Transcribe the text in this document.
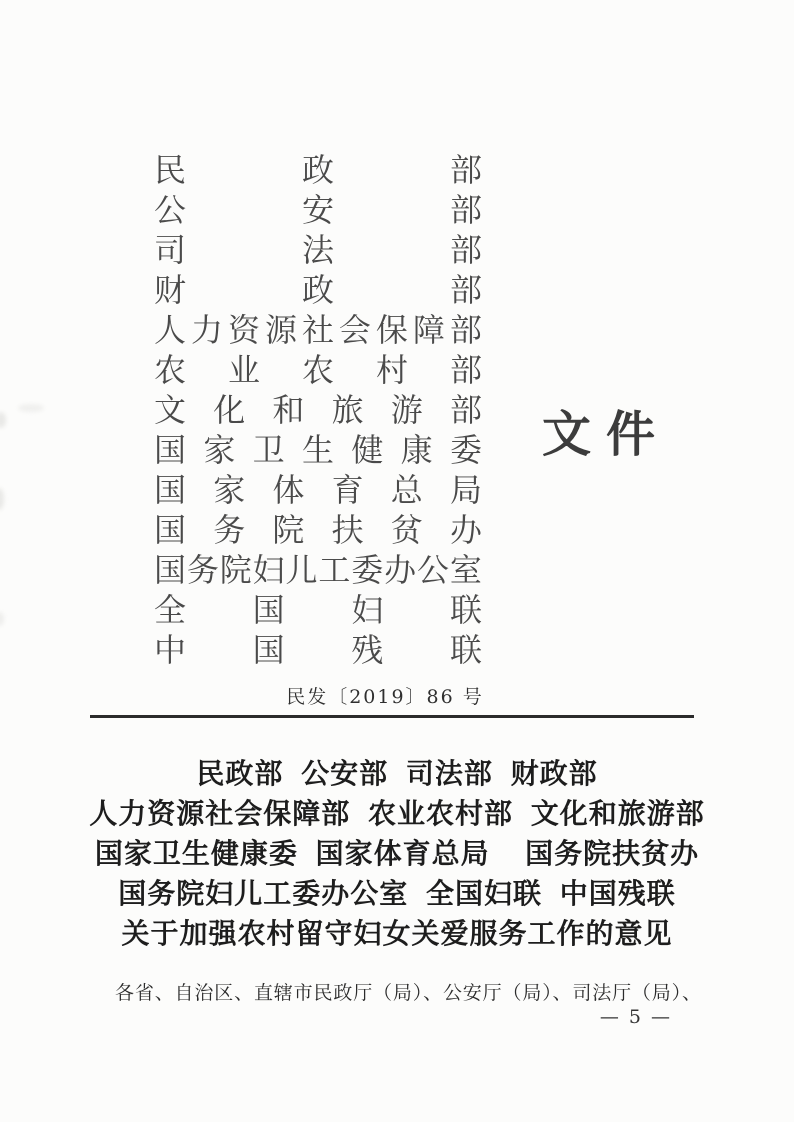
民	政	部
公	安	部
司	法	部
财	政	部
人 力 资 源 社 会 保 障 部
农 业 农 村 部
文 化 和 旅 游 部
国 家 卫 生 健 康 委
国 家 体 育 总 局
国 务 院 扶 贫 办
国 务 院 妇 儿 工 委 办 公 室
全 国 妇 联
中 国 残 联
文件
民发〔2019〕86 号
民政部 公安部 司法部 财政部
人力资源社会保障部 农业农村部 文化和旅游部
国家卫生健康委 国家体育总局  国务院扶贫办
国务院妇儿工委办公室 全国妇联 中国残联
关于加强农村留守妇女关爱服务工作的意见
各省、自治区、直辖市民政厅（局）、公安厅（局）、司法厅（局）、
— 5 —
